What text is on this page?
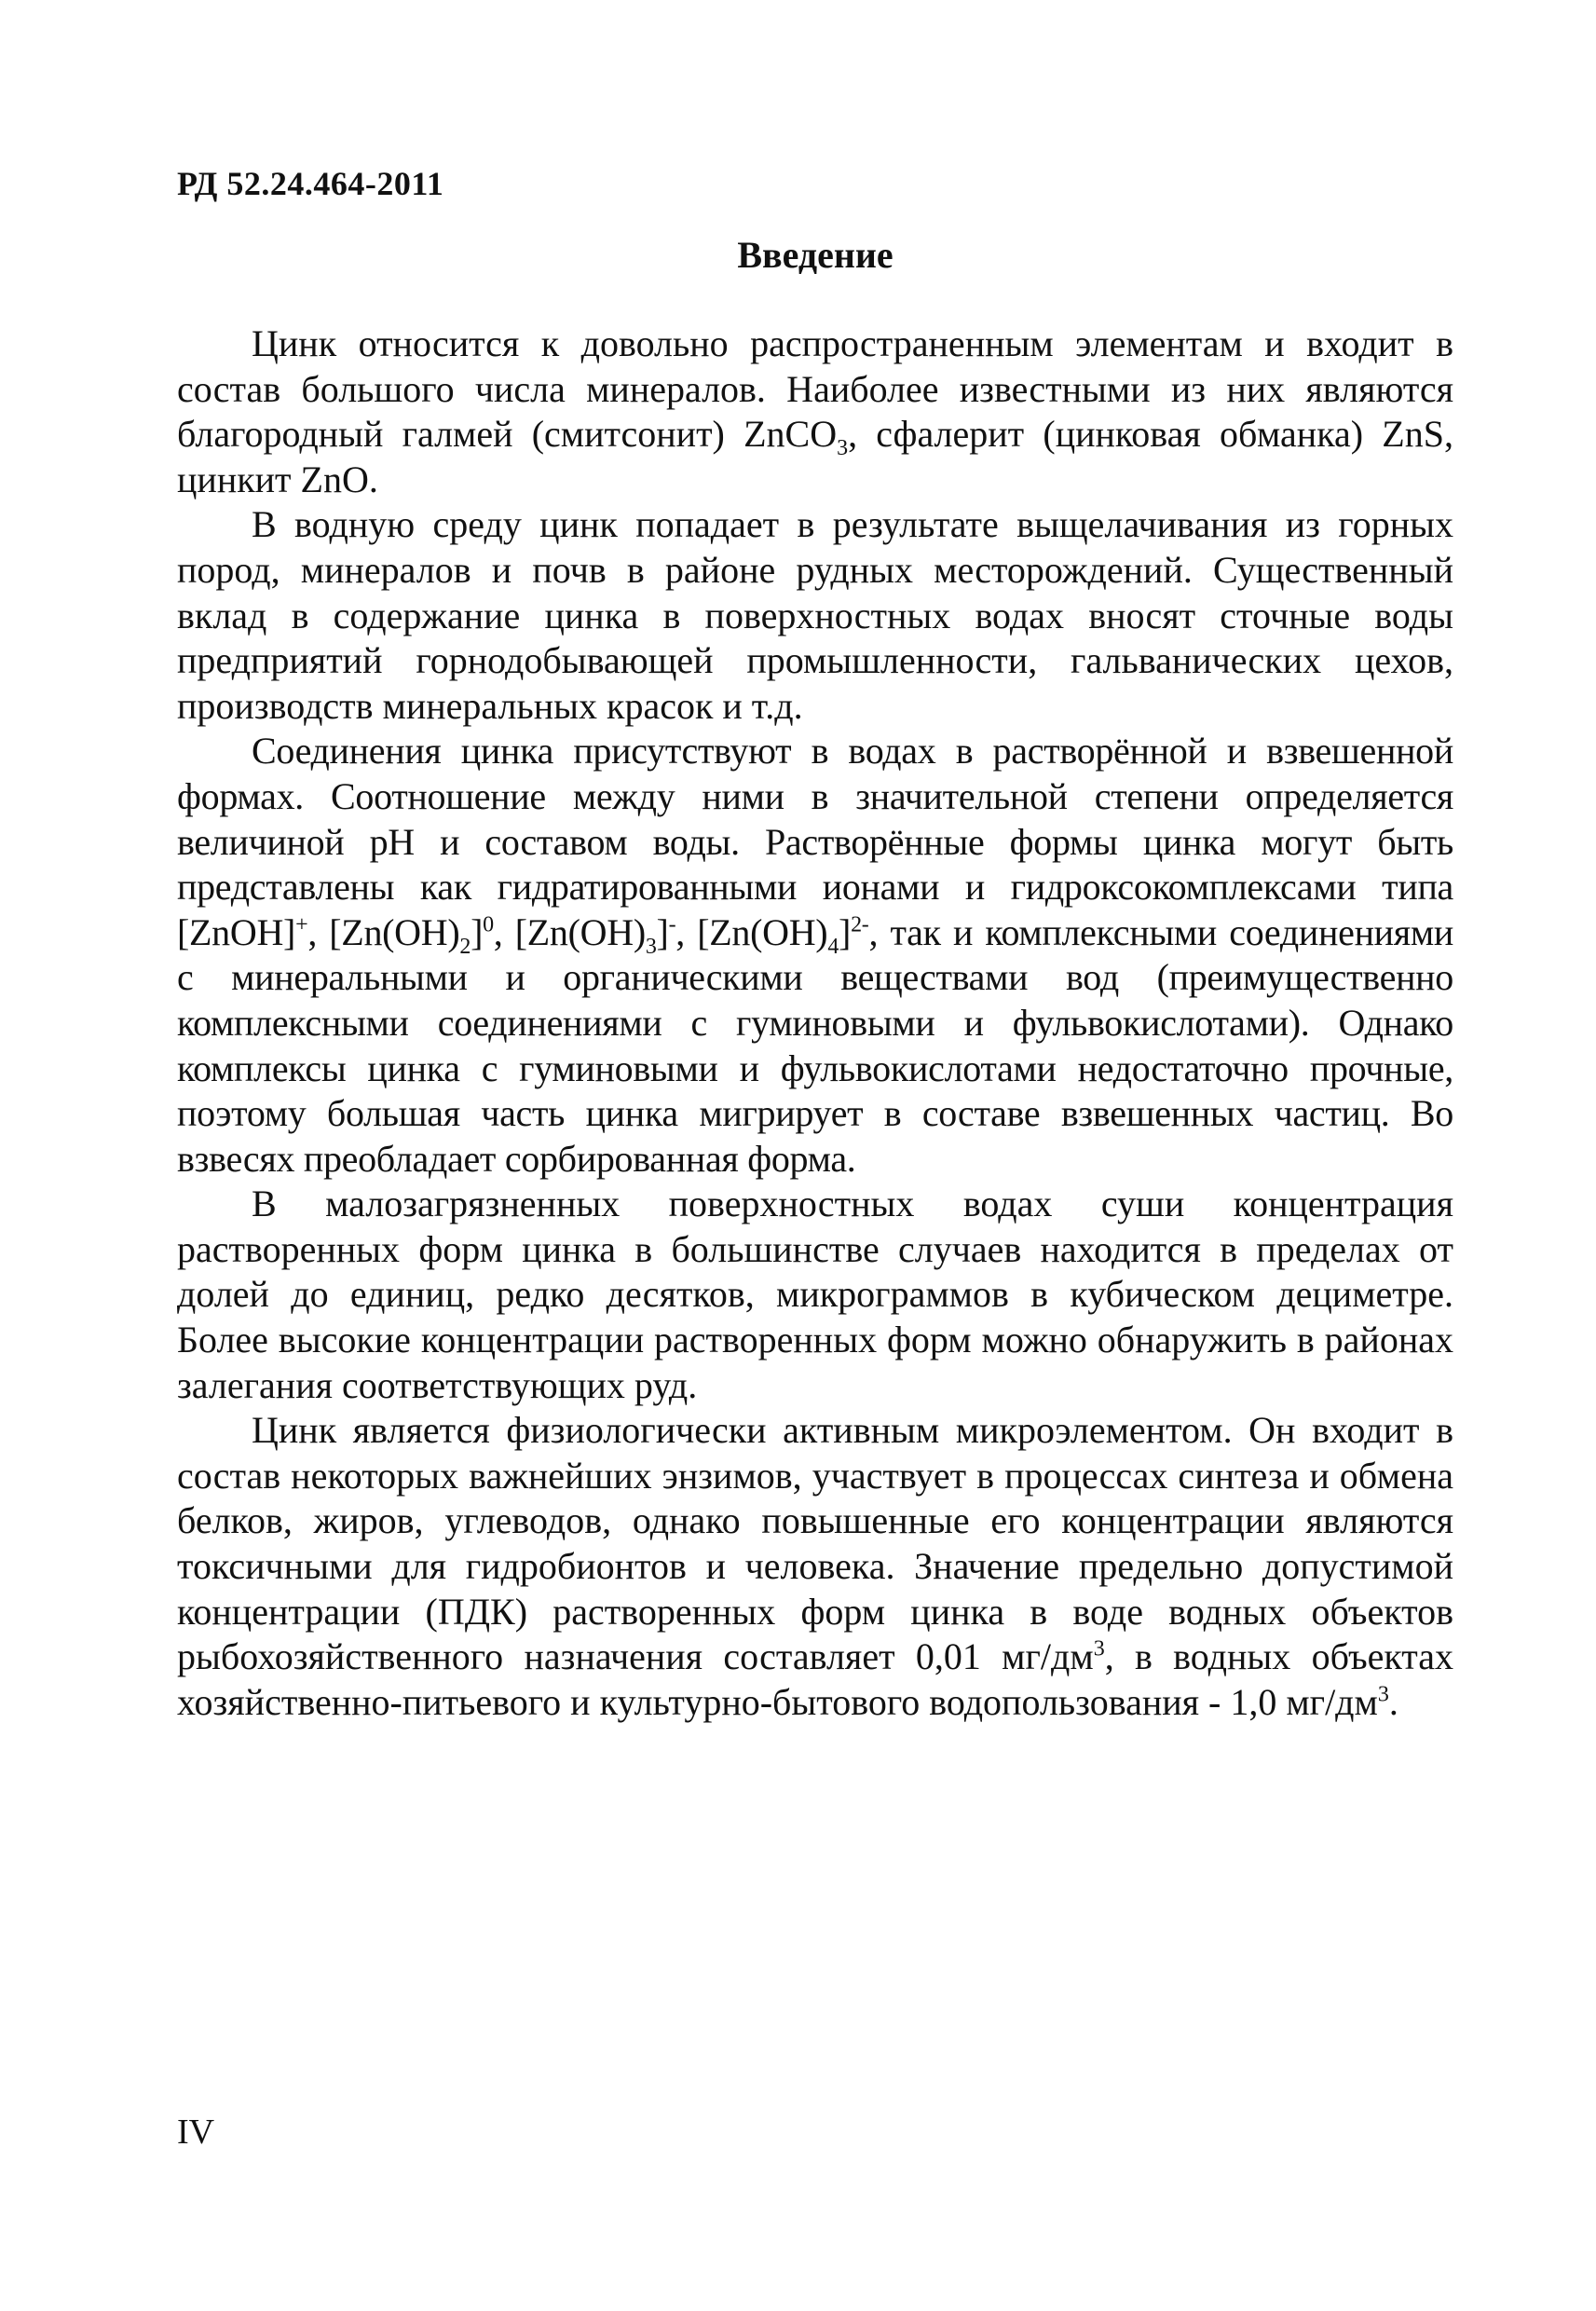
РД 52.24.464-2011
Введение

Цинк относится к довольно распространенным элементам и входит в состав большого числа минералов. Наиболее известными из них являются благородный галмей (смитсонит) ZnCO$_3$, сфалерит (цинковая обманка) ZnS, цинкит ZnO.

В водную среду цинк попадает в результате выщелачивания из горных пород, минералов и почв в районе рудных месторождений. Существенный вклад в содержание цинка в поверхностных водах вносят сточные воды предприятий горнодобывающей промышленности, гальванических цехов, производств минеральных красок и т.д.

Соединения цинка присутствуют в водах в растворённой и взвешенной формах. Соотношение между ними в значительной степени определяется величиной рН и составом воды. Растворённые формы цинка могут быть представлены как гидратированными ионами и гидроксокомплексами типа [ZnOH]+, $[Zn(OH)_2]^0$, $[Zn(OH)_3]^-$, $[Zn(OH)_4]^{2-}$, так и комплексными соединениями с минеральными и органическими веществами вод (преимущественно комплексными соединениями с гуминовыми и фульвокислотами). Однако комплексы цинка с гуминовыми и фульвокислотами недостаточно прочные, поэтому большая часть цинка мигрирует в составе взвешенных частиц. Во взвесях преобладает сорбированная форма.

В малозагрязненных поверхностных водах суши концентрация растворенных форм цинка в большинстве случаев находится в пределах от долей до единиц, редко десятков, микрограммов в кубическом дециметре. Более высокие концентрации растворенных форм можно обнаружить в районах залегания соответствующих руд.

Цинк является физиологически активным микроэлементом. Он входит в состав некоторых важнейших энзимов, участвует в процессах синтеза и обмена белков, жиров, углеводов, однако повышенные его концентрации являются токсичными для гидробионтов и человека. Значение предельно допустимой концентрации (ПДК) растворенных форм цинка в воде водных объектов рыбохозяйственного назначения составляет 0,01 $мг/дм^3$, в водных объектах хозяйственно-питьевого и культурно-бытового водопользования - 1,0 $мг/дм^3$.

IV
